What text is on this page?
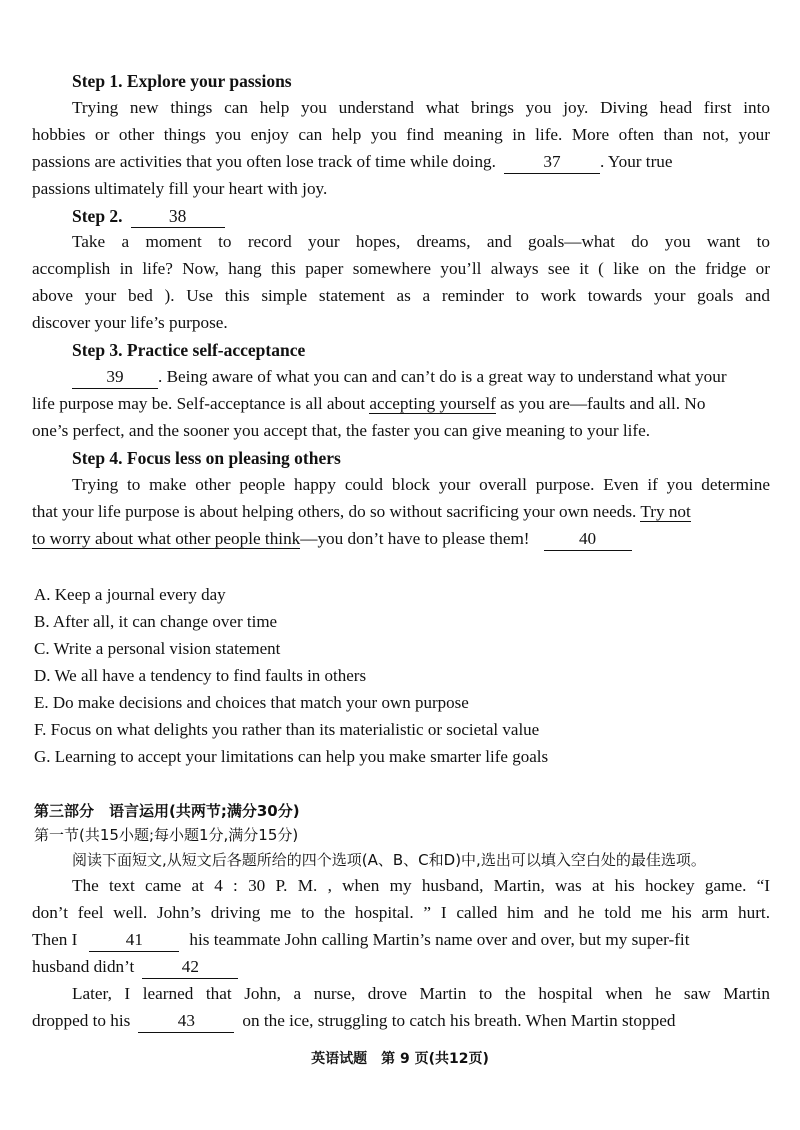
Step 1. Explore your passions
Trying new things can help you understand what brings you joy. Diving head first into
hobbies or other things you enjoy can help you find meaning in life. More often than not, your
passions are activities that you often lose track of time while doing.	37 . Your true
passions ultimately fill your heart with joy.
Step 2.	38
Take a moment to record your hopes, dreams, and goals—what do you want to
accomplish in life? Now, hang this paper somewhere you’ll always see it ( like on the fridge or
above your bed ). Use this simple statement as a reminder to work towards your goals and
discover your life’s purpose.
Step 3. Practice self-acceptance
39 . Being aware of what you can and can’t do is a great way to understand what your
life purpose may be. Self-acceptance is all about accepting yourself as you are—faults and all. No
one’s perfect, and the sooner you accept that, the faster you can give meaning to your life.
Step 4. Focus less on pleasing others
Trying to make other people happy could block your overall purpose. Even if you determine
that your life purpose is about helping others, do so without sacrificing your own needs. Try not
to worry about what other people think—you don’t have to please them!	40
A. Keep a journal every day
B. After all, it can change over time
C. Write a personal vision statement
D. We all have a tendency to find faults in others
E. Do make decisions and choices that match your own purpose
F. Focus on what delights you rather than its materialistic or societal value
G. Learning to accept your limitations can help you make smarter life goals
第三部分　语言运用(共两节;满分30分)
第一节(共15小题;每小题1分,满分15分)
阅读下面短文,从短文后各题所给的四个选项(A、B、C和D)中,选出可以填入空白处的最佳选项。
The text came at 4 : 30 P. M. , when my husband, Martin, was at his hockey game. “I
don’t feel well. John’s driving me to the hospital. ” I called him and he told me his arm hurt.
Then I	41	his teammate John calling Martin’s name over and over, but my super-fit
husband didn’t	42
Later, I learned that John, a nurse, drove Martin to the hospital when he saw Martin
dropped to his	43	on the ice, struggling to catch his breath. When Martin stopped
英语试题　第 9 页(共12页)
